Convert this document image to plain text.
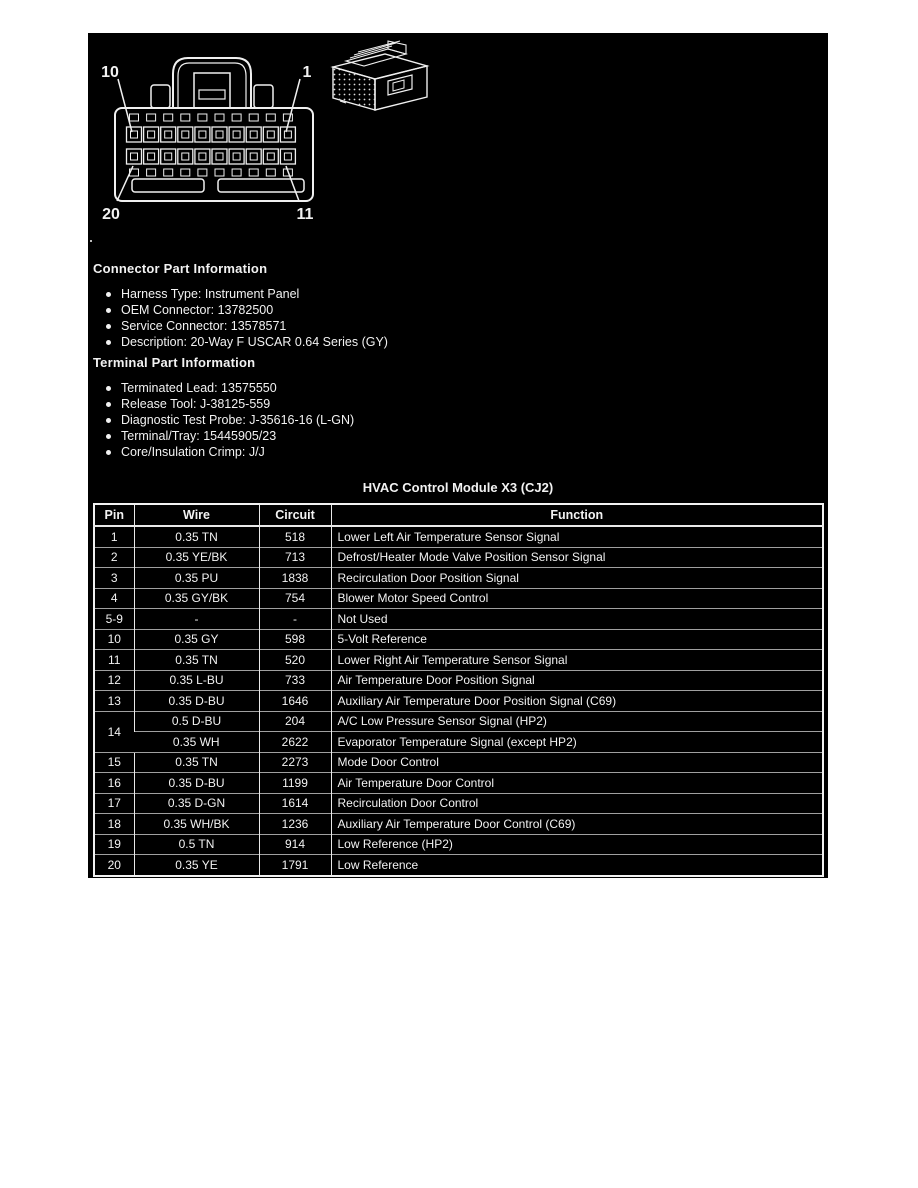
10	1
20	11
Connector Part Information
Harness Type: Instrument Panel
OEM Connector: 13782500
Service Connector: 13578571
Description: 20-Way F USCAR 0.64 Series (GY)
Terminal Part Information
Terminated Lead: 13575550
Release Tool: J-38125-559
Diagnostic Test Probe: J-35616-16 (L-GN)
Terminal/Tray: 15445905/23
Core/Insulation Crimp: J/J
HVAC Control Module X3 (CJ2)
Pin	Wire	Circuit	Function
1	0.35 TN	518	Lower Left Air Temperature Sensor Signal
2	0.35 YE/BK	713	Defrost/Heater Mode Valve Position Sensor Signal
3	0.35 PU	1838	Recirculation Door Position Signal
4	0.35 GY/BK	754	Blower Motor Speed Control
5-9	-	-	Not Used
10	0.35 GY	598	5-Volt Reference
11	0.35 TN	520	Lower Right Air Temperature Sensor Signal
12	0.35 L-BU	733	Air Temperature Door Position Signal
13	0.35 D-BU	1646	Auxiliary Air Temperature Door Position Signal (C69)
14	0.5 D-BU	204	A/C Low Pressure Sensor Signal (HP2)
	0.35 WH	2622	Evaporator Temperature Signal (except HP2)
15	0.35 TN	2273	Mode Door Control
16	0.35 D-BU	1199	Air Temperature Door Control
17	0.35 D-GN	1614	Recirculation Door Control
18	0.35 WH/BK	1236	Auxiliary Air Temperature Door Control (C69)
19	0.5 TN	914	Low Reference (HP2)
20	0.35 YE	1791	Low Reference
